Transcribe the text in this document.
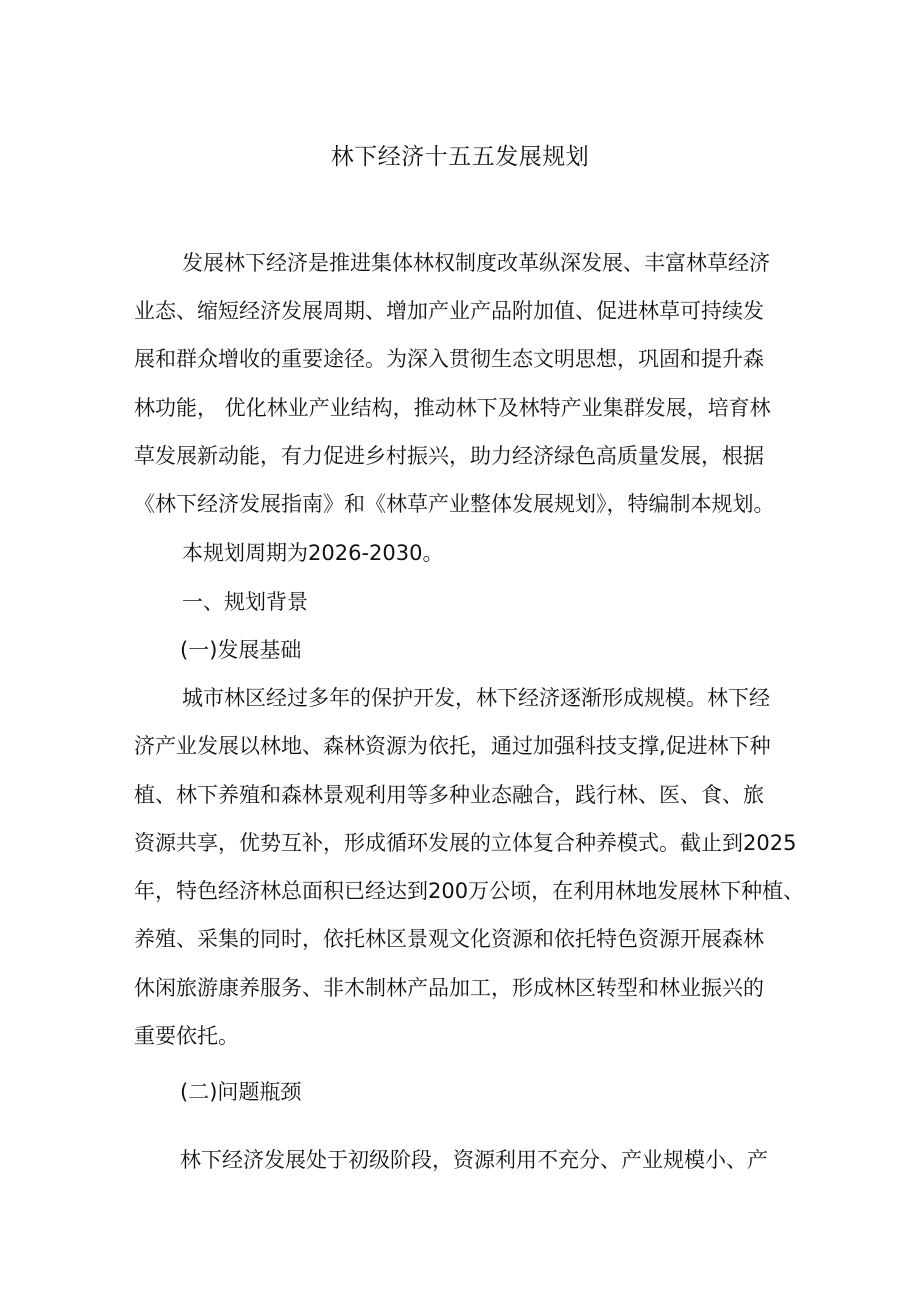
林下经济十五五发展规划
发展林下经济是推进集体林权制度改革纵深发展、丰富林草经济
业态、缩短经济发展周期、增加产业产品附加值、促进林草可持续发
展和群众增收的重要途径。为深入贯彻生态文明思想，巩固和提升森
林功能， 优化林业产业结构，推动林下及林特产业集群发展，培育林
草发展新动能，有力促进乡村振兴，助力经济绿色高质量发展，根据
《林下经济发展指南》和《林草产业整体发展规划》，特编制本规划。
本规划周期为2026-2030。
一、规划背景
(一)发展基础
城市林区经过多年的保护开发，林下经济逐渐形成规模。林下经
济产业发展以林地、森林资源为依托，通过加强科技支撑,促进林下种
植、林下养殖和森林景观利用等多种业态融合，践行林、医、食、旅
资源共享，优势互补，形成循环发展的立体复合种养模式。截止到2025
年，特色经济林总面积已经达到200万公顷，在利用林地发展林下种植、
养殖、采集的同时，依托林区景观文化资源和依托特色资源开展森林
休闲旅游康养服务、非木制林产品加工，形成林区转型和林业振兴的
重要依托。
(二)问题瓶颈
林下经济发展处于初级阶段，资源利用不充分、产业规模小、产
